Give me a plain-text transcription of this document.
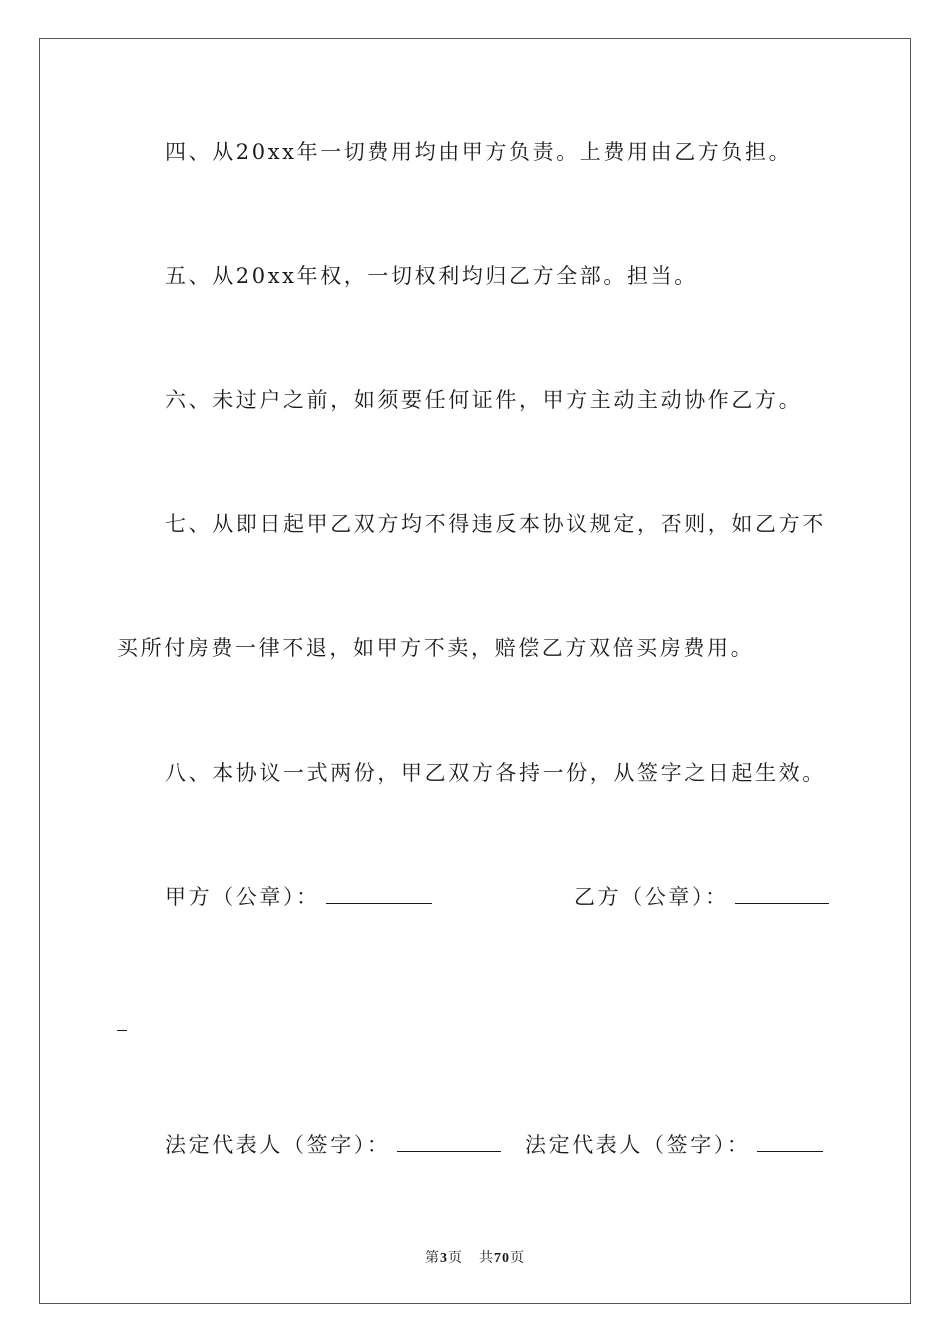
四、从20xx年一切费用均由甲方负责。上费用由乙方负担。
五、从20xx年权，一切权利均归乙方全部。担当。
六、未过户之前，如须要任何证件，甲方主动主动协作乙方。
七、从即日起甲乙双方均不得违反本协议规定，否则，如乙方不
买所付房费一律不退，如甲方不卖，赔偿乙方双倍买房费用。
八、本协议一式两份，甲乙双方各持一份，从签字之日起生效。
甲方（公章）：	乙方（公章）：
法定代表人（签字）：	法定代表人（签字）：
第3页 共70页
